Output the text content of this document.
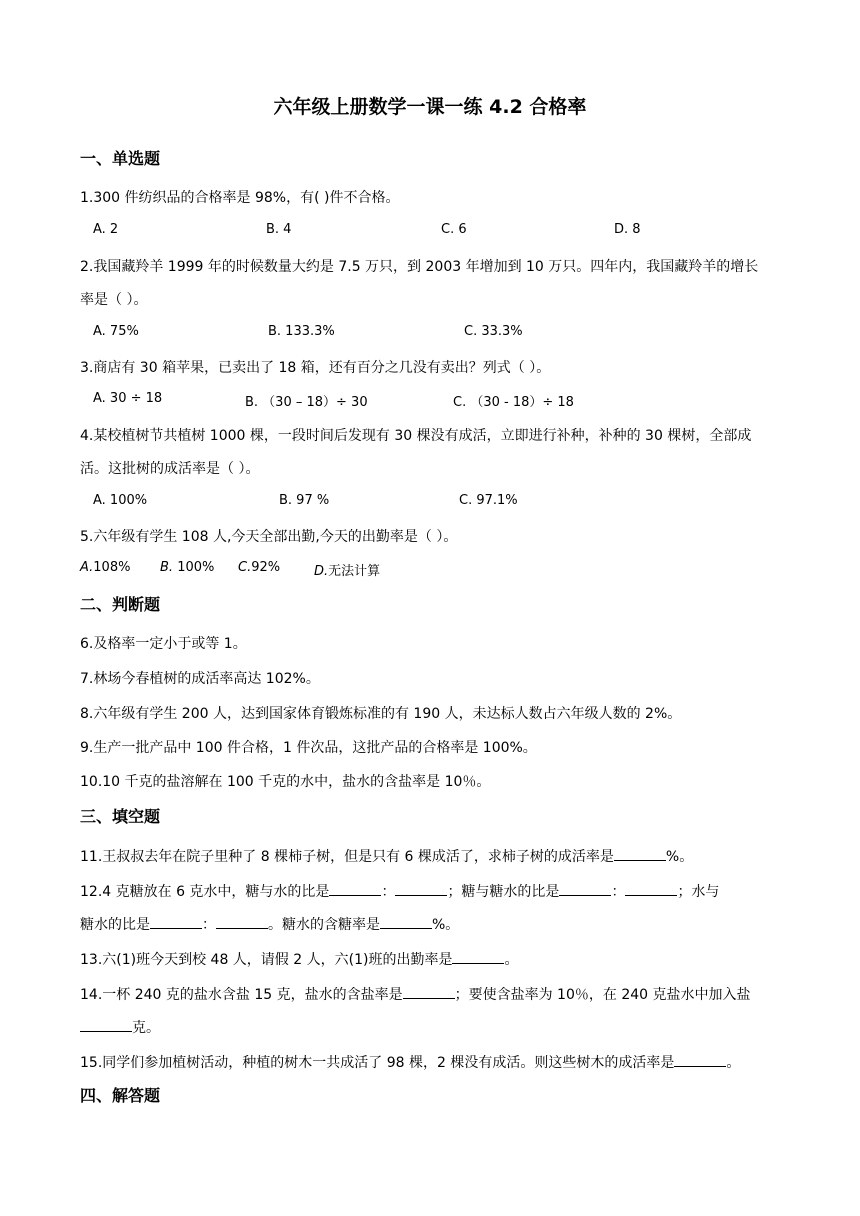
六年级上册数学一课一练 4.2 合格率
一、单选题
1.300 件纺织品的合格率是 98%，有( )件不合格。
A. 2	B. 4	C. 6	D. 8
2.我国藏羚羊 1999 年的时候数量大约是 7.5 万只，到 2003 年增加到 10 万只。四年内，我国藏羚羊的增长
率是（ ）。
A. 75%	B. 133.3%	C. 33.3%
3.商店有 30 箱苹果，已卖出了 18 箱，还有百分之几没有卖出？列式（ ）。
A. 30 ÷ 18	B. （30 – 18）÷ 30	C. （30 - 18）÷ 18
4.某校植树节共植树 1000 棵，一段时间后发现有 30 棵没有成活，立即进行补种，补种的 30 棵树，全部成
活。这批树的成活率是（ ）。
A. 100%	B. 97 %	C. 97.1%
5.六年级有学生 108 人,今天全部出勤,今天的出勤率是（ ）。
A.108% B. 100% C.92%	D.无法计算
二、判断题
6.及格率一定小于或等 1。
7.林场今春植树的成活率高达 102%。
8.六年级有学生 200 人，达到国家体育锻炼标准的有 190 人，未达标人数占六年级人数的 2%。
9.生产一批产品中 100 件合格，1 件次品，这批产品的合格率是 100%。
10.10 千克的盐溶解在 100 千克的水中，盐水的含盐率是 10％。
三、填空题
11.王叔叔去年在院子里种了 8 棵柿子树，但是只有 6 棵成活了，求柿子树的成活率是	%。
12.4 克糖放在 6 克水中，糖与水的比是	：	；糖与糖水的比是	：	；水与
糖水的比是	：	。糖水的含糖率是	%。
13.六(1)班今天到校 48 人，请假 2 人，六(1)班的出勤率是	。
14.一杯 240 克的盐水含盐 15 克，盐水的含盐率是	；要使含盐率为 10％，在 240 克盐水中加入盐
克。
15.同学们参加植树活动，种植的树木一共成活了 98 棵，2 棵没有成活。则这些树木的成活率是	。
四、解答题
